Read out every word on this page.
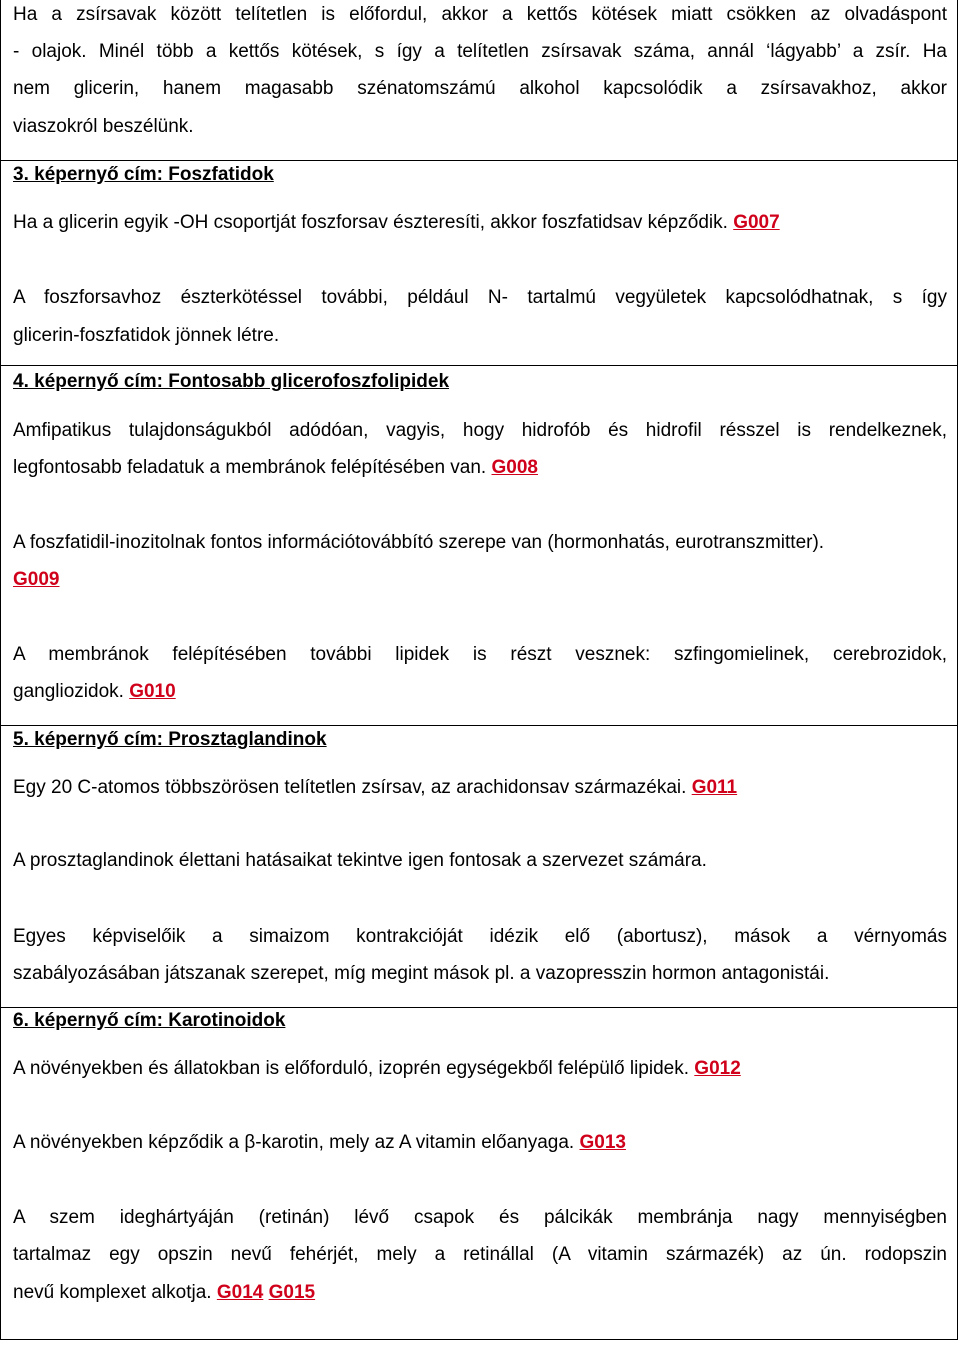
Ha a zsírsavak között telítetlen is előfordul, akkor a kettős kötések miatt csökken az olvadáspont
- olajok. Minél több a kettős kötések, s így a telítetlen zsírsavak száma, annál ‘lágyabb’ a zsír. Ha
nem glicerin, hanem magasabb szénatomszámú alkohol kapcsolódik a zsírsavakhoz, akkor
viaszokról beszélünk.
3. képernyő cím: Foszfatidok
Ha a glicerin egyik -OH csoportját foszforsav észteresíti, akkor foszfatidsav képződik. G007
A foszforsavhoz észterkötéssel további, például N- tartalmú vegyületek kapcsolódhatnak, s így
glicerin-foszfatidok jönnek létre.
4. képernyő cím: Fontosabb glicerofoszfolipidek
Amfipatikus tulajdonságukból adódóan, vagyis, hogy hidrofób és hidrofil résszel is rendelkeznek,
legfontosabb feladatuk a membránok felépítésében van. G008
A foszfatidil-inozitolnak fontos információtovábbító szerepe van (hormonhatás, eurotranszmitter).
G009
A membránok felépítésében további lipidek is részt vesznek: szfingomielinek, cerebrozidok,
gangliozidok. G010
5. képernyő cím: Prosztaglandinok
Egy 20 C-atomos többszörösen telítetlen zsírsav, az arachidonsav származékai. G011
A prosztaglandinok élettani hatásaikat tekintve igen fontosak a szervezet számára.
Egyes képviselőik a simaizom kontrakcióját idézik elő (abortusz), mások a vérnyomás
szabályozásában játszanak szerepet, míg megint mások pl. a vazopresszin hormon antagonistái.
6. képernyő cím: Karotinoidok
A növényekben és állatokban is előforduló, izoprén egységekből felépülő lipidek. G012
A növényekben képződik a β-karotin, mely az A vitamin előanyaga. G013
A szem ideghártyáján (retinán) lévő csapok és pálcikák membránja nagy mennyiségben
tartalmaz egy opszin nevű fehérjét, mely a retinállal (A vitamin származék) az ún. rodopszin
nevű komplexet alkotja. G014 G015
